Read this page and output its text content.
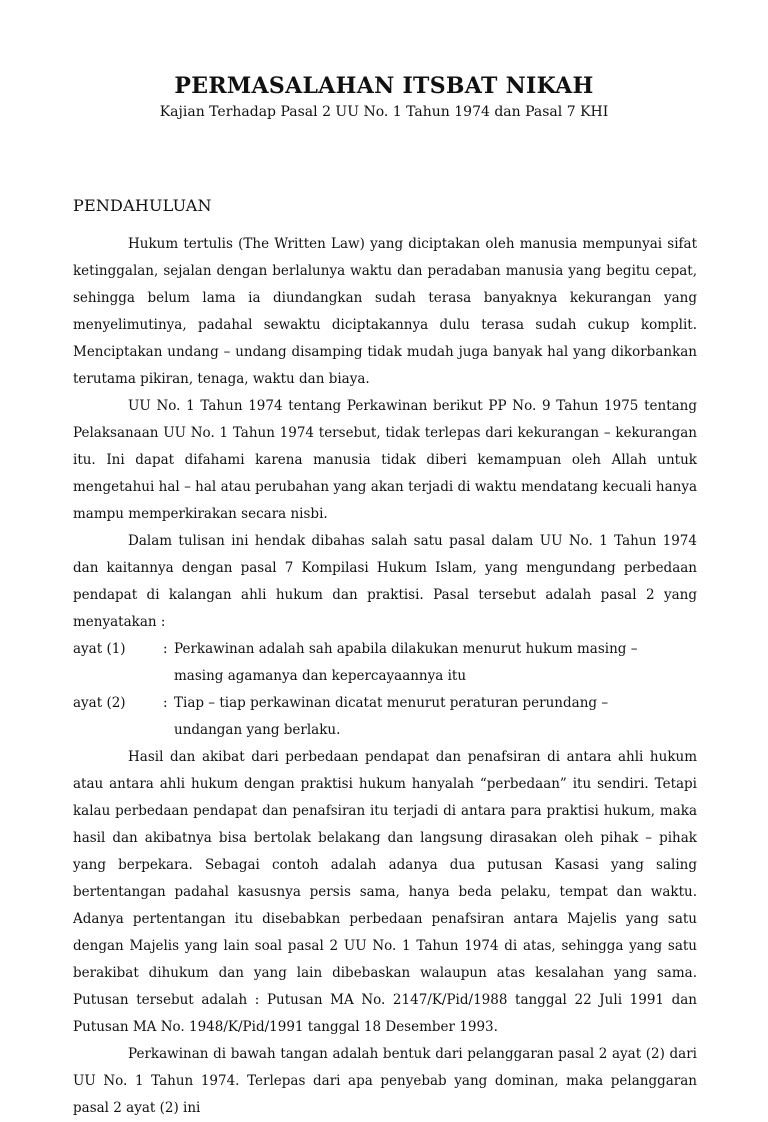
PERMASALAHAN ITSBAT NIKAH
Kajian Terhadap Pasal 2 UU No. 1 Tahun 1974 dan Pasal 7 KHI
PENDAHULUAN

Hukum tertulis (The Written Law) yang diciptakan oleh manusia mempunyai sifat ketinggalan, sejalan dengan berlalunya waktu dan peradaban manusia yang begitu cepat, sehingga belum lama ia diundangkan sudah terasa banyaknya kekurangan yang menyelimutinya, padahal sewaktu diciptakannya dulu terasa sudah cukup komplit. Menciptakan undang – undang disamping tidak mudah juga banyak hal yang dikorbankan terutama pikiran, tenaga, waktu dan biaya.

UU No. 1 Tahun 1974 tentang Perkawinan berikut PP No. 9 Tahun 1975 tentang Pelaksanaan UU No. 1 Tahun 1974 tersebut, tidak terlepas dari kekurangan – kekurangan itu. Ini dapat difahami karena manusia tidak diberi kemampuan oleh Allah untuk mengetahui hal – hal atau perubahan yang akan terjadi di waktu mendatang kecuali hanya mampu memperkirakan secara nisbi.

Dalam tulisan ini hendak dibahas salah satu pasal dalam UU No. 1 Tahun 1974 dan kaitannya dengan pasal 7 Kompilasi Hukum Islam, yang mengundang perbedaan pendapat di kalangan ahli hukum dan praktisi. Pasal tersebut adalah pasal 2 yang menyatakan :

ayat (1)	: Perkawinan adalah sah apabila dilakukan menurut hukum masing – masing agamanya dan kepercayaannya itu
ayat (2)	: Tiap – tiap perkawinan dicatat menurut peraturan perundang – undangan yang berlaku.

Hasil dan akibat dari perbedaan pendapat dan penafsiran di antara ahli hukum atau antara ahli hukum dengan praktisi hukum hanyalah “perbedaan” itu sendiri. Tetapi kalau perbedaan pendapat dan penafsiran itu terjadi di antara para praktisi hukum, maka hasil dan akibatnya bisa bertolak belakang dan langsung dirasakan oleh pihak – pihak yang berpekara. Sebagai contoh adalah adanya dua putusan Kasasi yang saling bertentangan padahal kasusnya persis sama, hanya beda pelaku, tempat dan waktu. Adanya pertentangan itu disebabkan perbedaan penafsiran antara Majelis yang satu dengan Majelis yang lain soal pasal 2 UU No. 1 Tahun 1974 di atas, sehingga yang satu berakibat dihukum dan yang lain dibebaskan walaupun atas kesalahan yang sama. Putusan tersebut adalah : Putusan MA No. 2147/K/Pid/1988 tanggal 22 Juli 1991 dan Putusan MA No. 1948/K/Pid/1991 tanggal 18 Desember 1993.

Perkawinan di bawah tangan adalah bentuk dari pelanggaran pasal 2 ayat (2) dari UU No. 1 Tahun 1974. Terlepas dari apa penyebab yang dominan, maka pelanggaran pasal 2 ayat (2) ini
